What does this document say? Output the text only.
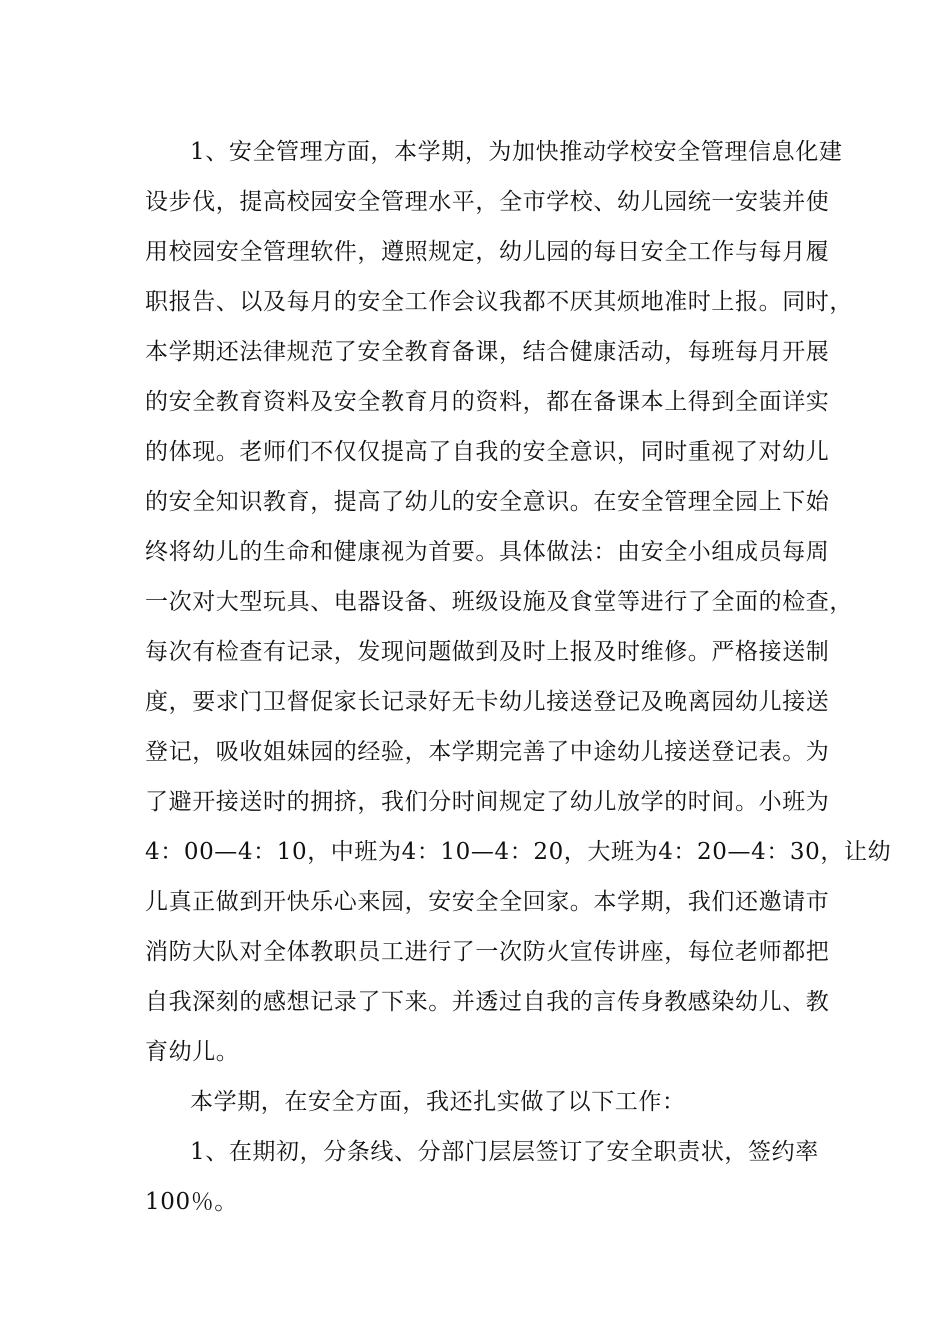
1、安全管理方面，本学期，为加快推动学校安全管理信息化建
设步伐，提高校园安全管理水平，全市学校、幼儿园统一安装并使
用校园安全管理软件，遵照规定，幼儿园的每日安全工作与每月履
职报告、以及每月的安全工作会议我都不厌其烦地准时上报。同时，
本学期还法律规范了安全教育备课，结合健康活动，每班每月开展
的安全教育资料及安全教育月的资料，都在备课本上得到全面详实
的体现。老师们不仅仅提高了自我的安全意识，同时重视了对幼儿
的安全知识教育，提高了幼儿的安全意识。在安全管理全园上下始
终将幼儿的生命和健康视为首要。具体做法：由安全小组成员每周
一次对大型玩具、电器设备、班级设施及食堂等进行了全面的检查，
每次有检查有记录，发现问题做到及时上报及时维修。严格接送制
度，要求门卫督促家长记录好无卡幼儿接送登记及晚离园幼儿接送
登记，吸收姐妹园的经验，本学期完善了中途幼儿接送登记表。为
了避开接送时的拥挤，我们分时间规定了幼儿放学的时间。小班为
4：00—4：10，中班为4：10—4：20，大班为4：20—4：30，让幼
儿真正做到开快乐心来园，安安全全回家。本学期，我们还邀请市
消防大队对全体教职员工进行了一次防火宣传讲座，每位老师都把
自我深刻的感想记录了下来。并透过自我的言传身教感染幼儿、教
育幼儿。
本学期，在安全方面，我还扎实做了以下工作：
1、在期初，分条线、分部门层层签订了安全职责状，签约率
100％。
